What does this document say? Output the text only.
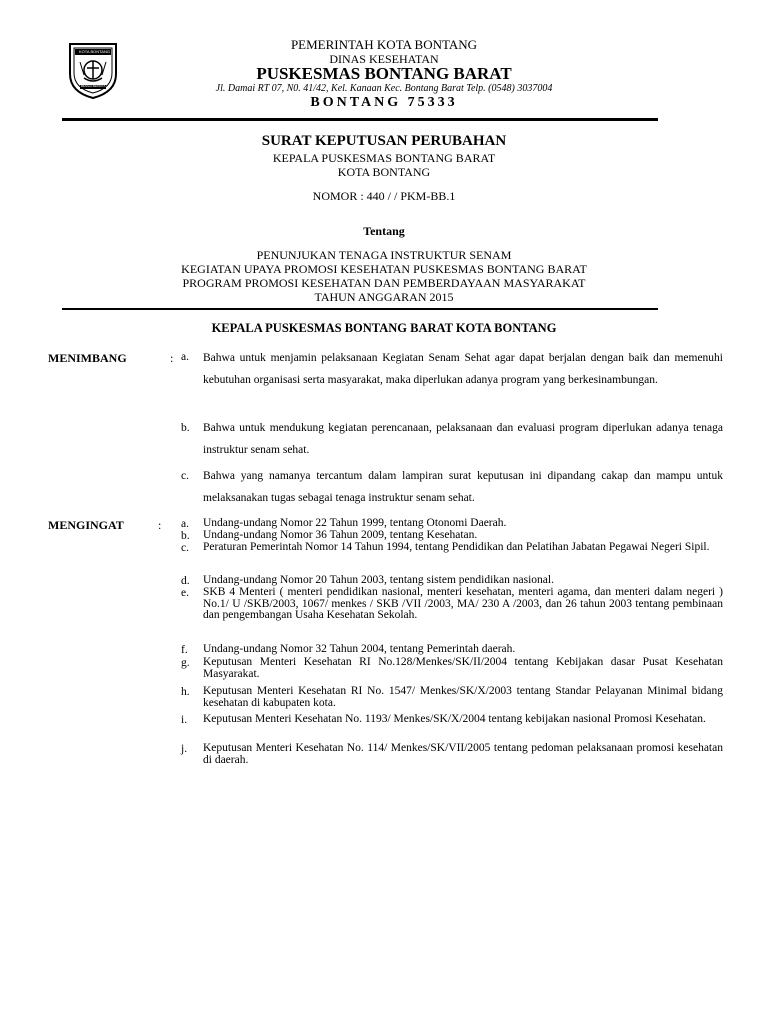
KOTA BONTANG
BESSAI BERINTA
PEMERINTAH KOTA BONTANG
DINAS KESEHATAN
PUSKESMAS BONTANG BARAT
Jl. Damai RT 07, N0. 41/42, Kel. Kanaan Kec. Bontang Barat Telp. (0548) 3037004
BONTANG 75333
SURAT KEPUTUSAN PERUBAHAN
KEPALA PUSKESMAS BONTANG BARAT
KOTA BONTANG
NOMOR : 440 / / PKM-BB.1
Tentang
PENUNJUKAN TENAGA INSTRUKTUR SENAM
KEGIATAN UPAYA PROMOSI KESEHATAN PUSKESMAS BONTANG BARAT
PROGRAM PROMOSI KESEHATAN DAN PEMBERDAYAAN MASYARAKAT
TAHUN ANGGARAN 2015
KEPALA PUSKESMAS BONTANG BARAT KOTA BONTANG
MENIMBANG	: a. Bahwa untuk menjamin pelaksanaan Kegiatan Senam Sehat agar dapat berjalan dengan baik dan memenuhi kebutuhan organisasi serta masyarakat, maka diperlukan adanya program yang berkesinambungan.
b. Bahwa untuk mendukung kegiatan perencanaan, pelaksanaan dan evaluasi program diperlukan adanya tenaga instruktur senam sehat.
c. Bahwa yang namanya tercantum dalam lampiran surat keputusan ini dipandang cakap dan mampu untuk melaksanakan tugas sebagai tenaga instruktur senam sehat.
MENGINGAT	: a. Undang-undang Nomor 22 Tahun 1999, tentang Otonomi Daerah.
b. Undang-undang Nomor 36 Tahun 2009, tentang Kesehatan.
c. Peraturan Pemerintah Nomor 14 Tahun 1994, tentang Pendidikan dan Pelatihan Jabatan Pegawai Negeri Sipil.
d. Undang-undang Nomor 20 Tahun 2003, tentang sistem pendidikan nasional.
e. SKB 4 Menteri ( menteri pendidikan nasional, menteri kesehatan, menteri agama, dan menteri dalam negeri ) No.1/ U /SKB/2003, 1067/ menkes / SKB /VII /2003, MA/ 230 A /2003, dan 26 tahun 2003 tentang pembinaan dan pengembangan Usaha Kesehatan Sekolah.
f. Undang-undang Nomor 32 Tahun 2004, tentang Pemerintah daerah.
g. Keputusan Menteri Kesehatan RI No.128/Menkes/SK/II/2004 tentang Kebijakan dasar Pusat Kesehatan Masyarakat.
h. Keputusan Menteri Kesehatan RI No. 1547/ Menkes/SK/X/2003 tentang Standar Pelayanan Minimal bidang kesehatan di kabupaten kota.
i. Keputusan Menteri Kesehatan No. 1193/ Menkes/SK/X/2004 tentang kebijakan nasional Promosi Kesehatan.
j. Keputusan Menteri Kesehatan No. 114/ Menkes/SK/VII/2005 tentang pedoman pelaksanaan promosi kesehatan di daerah.
